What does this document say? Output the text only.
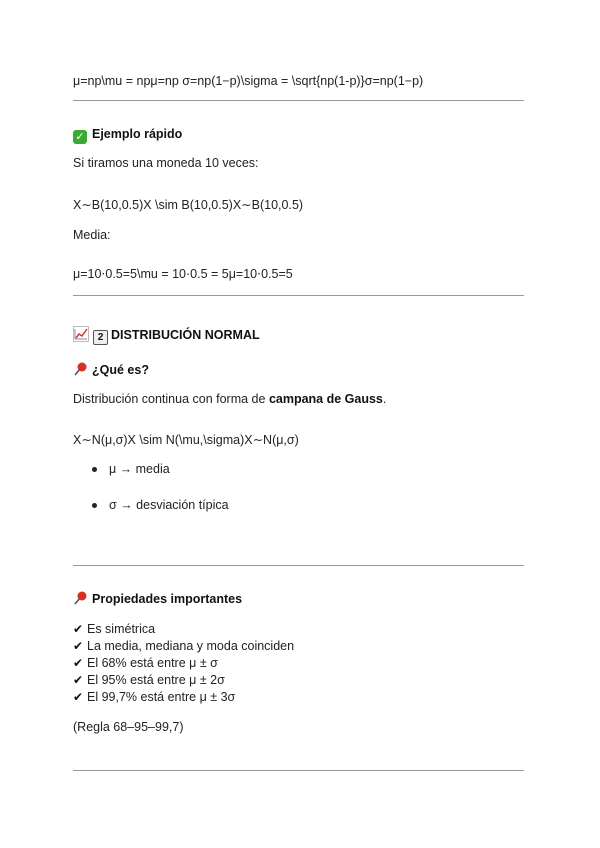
μ=np\mu = npμ=np σ=np(1−p)\sigma = \sqrt{np(1-p)}σ=np(1−p)
✓ Ejemplo rápido
Si tiramos una moneda 10 veces:
X∼B(10,0.5)X \sim B(10,0.5)X∼B(10,0.5)
Media:
μ=10⋅0.5=5\mu = 10·0.5 = 5μ=10⋅0.5=5
2 DISTRIBUCIÓN NORMAL
¿Qué es?
Distribución continua con forma de campana de Gauss.
X∼N(μ,σ)X \sim N(\mu,\sigma)X∼N(μ,σ)
μ → media
σ → desviación típica
Propiedades importantes
✔ Es simétrica
✔ La media, mediana y moda coinciden
✔ El 68% está entre μ ± σ
✔ El 95% está entre μ ± 2σ
✔ El 99,7% está entre μ ± 3σ
(Regla 68–95–99,7)
